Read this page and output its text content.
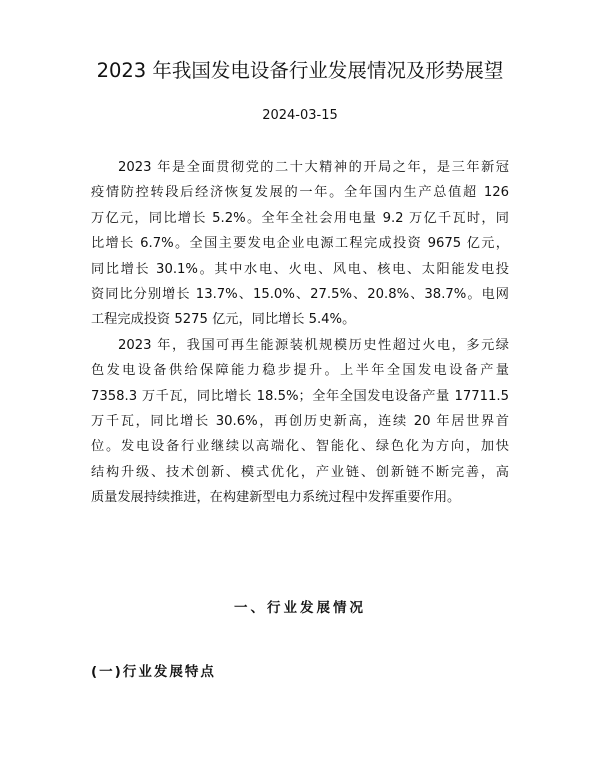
2023 年我国发电设备行业发展情况及形势展望
2024-03-15

2023 年是全面贯彻党的二十大精神的开局之年，是三年新冠
疫情防控转段后经济恢复发展的一年。全年国内生产总值超 126
万亿元，同比增长 5.2%。全年全社会用电量 9.2 万亿千瓦时，同
比增长 6.7%。全国主要发电企业电源工程完成投资 9675 亿元，
同比增长 30.1%。其中水电、火电、风电、核电、太阳能发电投
资同比分别增长 13.7%、15.0%、27.5%、20.8%、38.7%。电网
工程完成投资 5275 亿元，同比增长 5.4%。

2023 年，我国可再生能源装机规模历史性超过火电，多元绿
色发电设备供给保障能力稳步提升。上半年全国发电设备产量
7358.3 万千瓦，同比增长 18.5%；全年全国发电设备产量 17711.5
万千瓦，同比增长 30.6%，再创历史新高，连续 20 年居世界首
位。发电设备行业继续以高端化、智能化、绿色化为方向，加快
结构升级、技术创新、模式优化，产业链、创新链不断完善，高
质量发展持续推进，在构建新型电力系统过程中发挥重要作用。

一、行业发展情况
(一)行业发展特点
